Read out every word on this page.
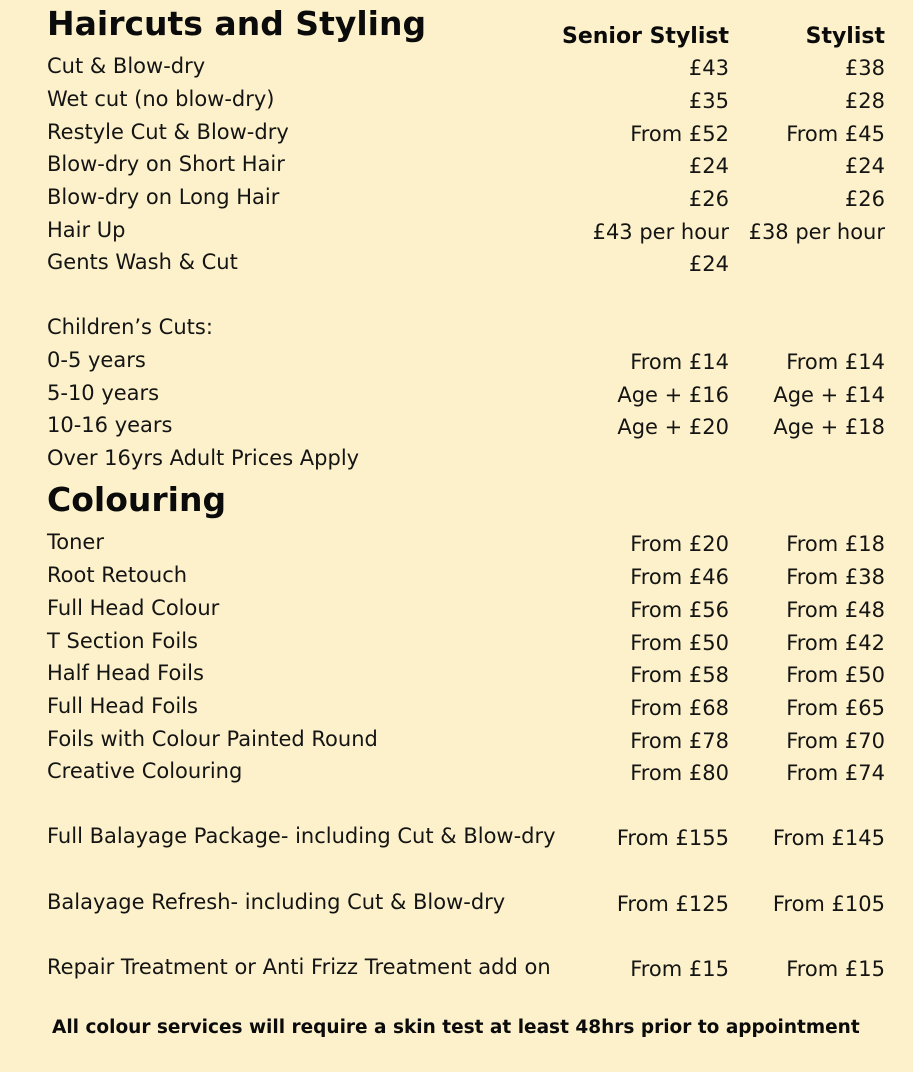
Haircuts and Styling	Senior Stylist	Stylist
Cut & Blow-dry	£43	£38
Wet cut (no blow-dry)	£35	£28
Restyle Cut & Blow-dry	From £52	From £45
Blow-dry on Short Hair	£24	£24
Blow-dry on Long Hair	£26	£26
Hair Up	£43 per hour £38 per hour
Gents Wash & Cut	£24
Children’s Cuts:
0-5 years	From £14	From £14
5-10 years	Age + £16 Age + £14
10-16 years	Age + £20 Age + £18
Over 16yrs Adult Prices Apply
Colouring
Toner	From £20	From £18
Root Retouch	From £46	From £38
Full Head Colour	From £56	From £48
T Section Foils	From £50	From £42
Half Head Foils	From £58	From £50
Full Head Foils	From £68	From £65
Foils with Colour Painted Round	From £78	From £70
Creative Colouring	From £80	From £74
Full Balayage Package- including Cut & Blow-dry	From £155 From £145
Balayage Refresh- including Cut & Blow-dry	From £125 From £105
Repair Treatment or Anti Frizz Treatment add on	From £15	From £15
All colour services will require a skin test at least 48hrs prior to appointment
